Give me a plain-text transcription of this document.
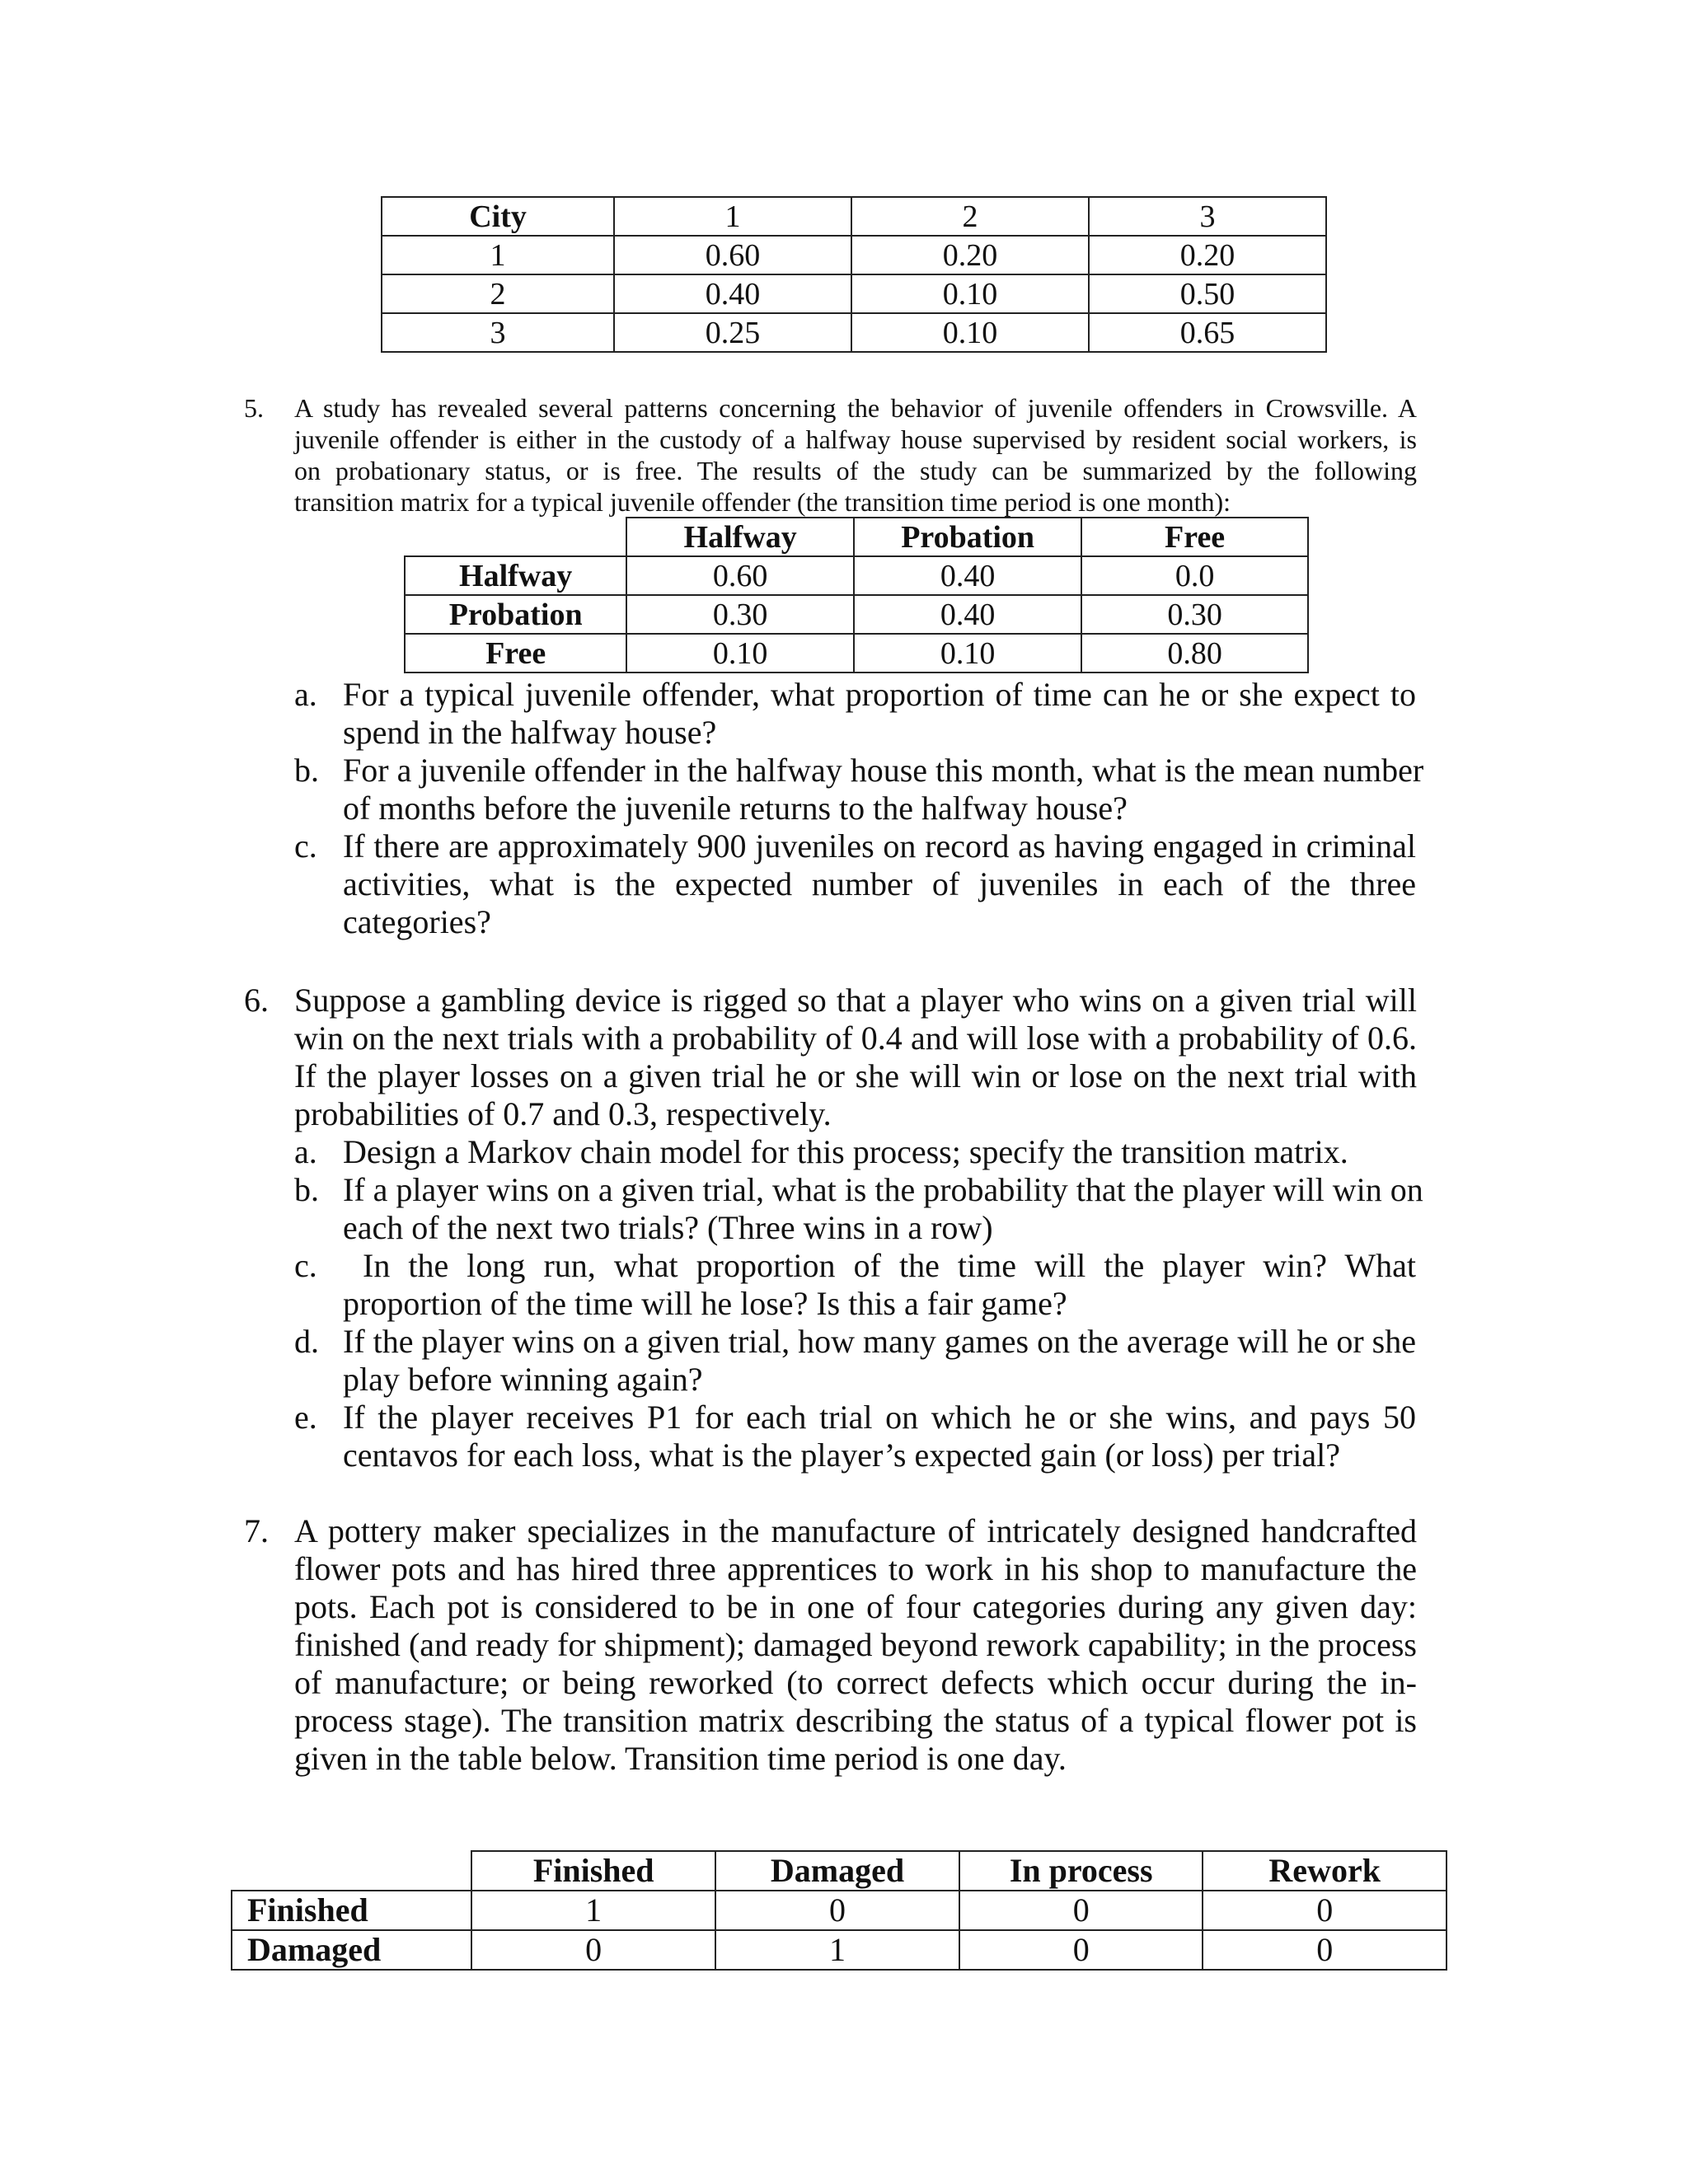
City	1	2	3
1	0.60	0.20	0.20
2	0.40	0.10	0.50
3	0.25	0.10	0.65
5. A study has revealed several patterns concerning the behavior of juvenile offenders in Crowsville. A
juvenile offender is either in the custody of a halfway house supervised by resident social workers, is
on probationary status, or is free. The results of the study can be summarized by the following
transition matrix for a typical juvenile offender (the transition time period is one month):
	Halfway	Probation	Free
Halfway	0.60	0.40	0.0
Probation	0.30	0.40	0.30
Free	0.10	0.10	0.80
a. For a typical juvenile offender, what proportion of time can he or she expect to
spend in the halfway house?
b. For a juvenile offender in the halfway house this month, what is the mean number
of months before the juvenile returns to the halfway house?
c. If there are approximately 900 juveniles on record as having engaged in criminal
activities, what is the expected number of juveniles in each of the three
categories?
6. Suppose a gambling device is rigged so that a player who wins on a given trial will
win on the next trials with a probability of 0.4 and will lose with a probability of 0.6.
If the player losses on a given trial he or she will win or lose on the next trial with
probabilities of 0.7 and 0.3, respectively.
a. Design a Markov chain model for this process; specify the transition matrix.
b. If a player wins on a given trial, what is the probability that the player will win on
each of the next two trials? (Three wins in a row)
c.	In the long run, what proportion of the time will the player win? What
proportion of the time will he lose? Is this a fair game?
d. If the player wins on a given trial, how many games on the average will he or she
play before winning again?
e. If the player receives P1 for each trial on which he or she wins, and pays 50
centavos for each loss, what is the player’s expected gain (or loss) per trial?
7. A pottery maker specializes in the manufacture of intricately designed handcrafted
flower pots and has hired three apprentices to work in his shop to manufacture the
pots. Each pot is considered to be in one of four categories during any given day:
finished (and ready for shipment); damaged beyond rework capability; in the process
of manufacture; or being reworked (to correct defects which occur during the in-
process stage). The transition matrix describing the status of a typical flower pot is
given in the table below. Transition time period is one day.
	Finished	Damaged	In process	Rework
Finished	1	0	0	0
Damaged	0	1	0	0
